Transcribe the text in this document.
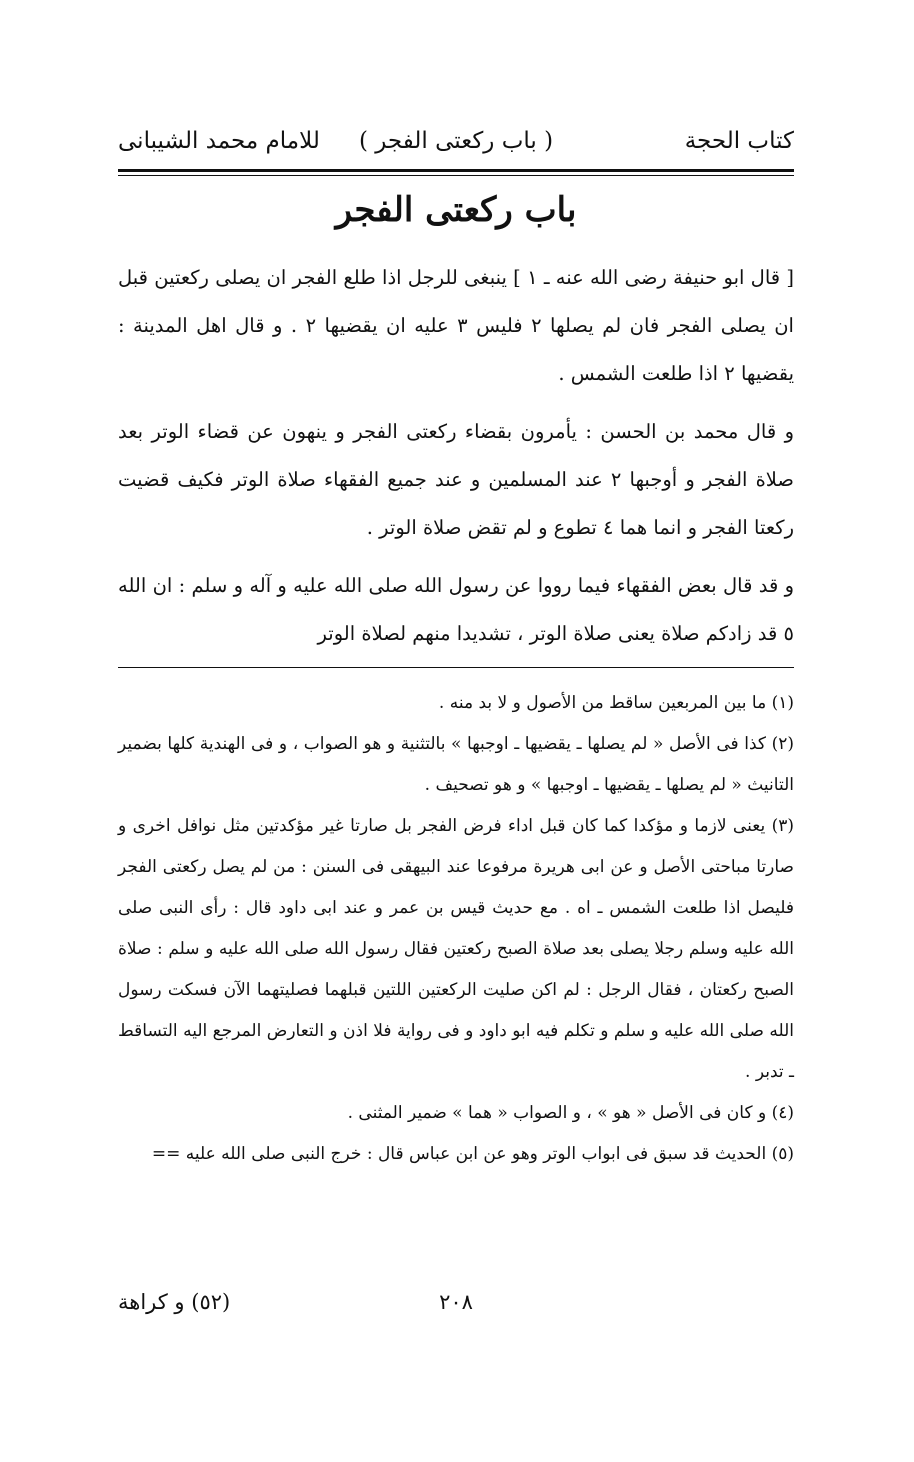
كتاب الحجة
( باب ركعتى الفجر )
للامام محمد الشيبانى
باب ركعتى الفجر

[ قال ابو حنيفة رضى الله عنه ـ ١ ] ينبغى للرجل اذا طلع الفجر ان يصلى ركعتين قبل ان يصلى الفجر فان لم يصلها ٢ فليس ٣ عليه ان يقضيها ٢ . و قال اهل المدينة : يقضيها ٢ اذا طلعت الشمس .

و قال محمد بن الحسن : يأمرون بقضاء ركعتى الفجر و ينهون عن قضاء الوتر بعد صلاة الفجر و أوجبها ٢ عند المسلمين و عند جميع الفقهاء صلاة الوتر فكيف قضيت ركعتا الفجر و انما هما ٤ تطوع و لم تقض صلاة الوتر .

و قد قال بعض الفقهاء فيما رووا عن رسول الله صلى الله عليه و آله و سلم : ان الله ٥ قد زادكم صلاة يعنى صلاة الوتر ، تشديدا منهم لصلاة الوتر

(١) ما بين المربعين ساقط من الأصول و لا بد منه .

(٢) كذا فى الأصل « لم يصلها ـ يقضيها ـ اوجبها » بالتثنية و هو الصواب ، و فى الهندية كلها بضمير التانيث « لم يصلها ـ يقضيها ـ اوجبها » و هو تصحيف .

(٣) يعنى لازما و مؤكدا كما كان قبل اداء فرض الفجر بل صارتا غير مؤكدتين مثل نوافل اخرى و صارتا مباحتى الأصل و عن ابى هريرة مرفوعا عند البيهقى فى السنن : من لم يصل ركعتى الفجر فليصل اذا طلعت الشمس ـ اه . مع حديث قيس بن عمر و عند ابى داود قال : رأى النبى صلى الله عليه وسلم رجلا يصلى بعد صلاة الصبح ركعتين فقال رسول الله صلى الله عليه و سلم : صلاة الصبح ركعتان ، فقال الرجل : لم اكن صليت الركعتين اللتين قبلهما فصليتهما الآن فسكت رسول الله صلى الله عليه و سلم و تكلم فيه ابو داود و فى رواية فلا اذن و التعارض المرجع اليه التساقط ـ تدبر .

(٤) و كان فى الأصل « هو » ، و الصواب « هما » ضمير المثنى .

(٥) الحديث قد سبق فى ابواب الوتر وهو عن ابن عباس قال : خرج النبى صلى الله عليه ==

٢٠٨
(٥٢) و كراهة
